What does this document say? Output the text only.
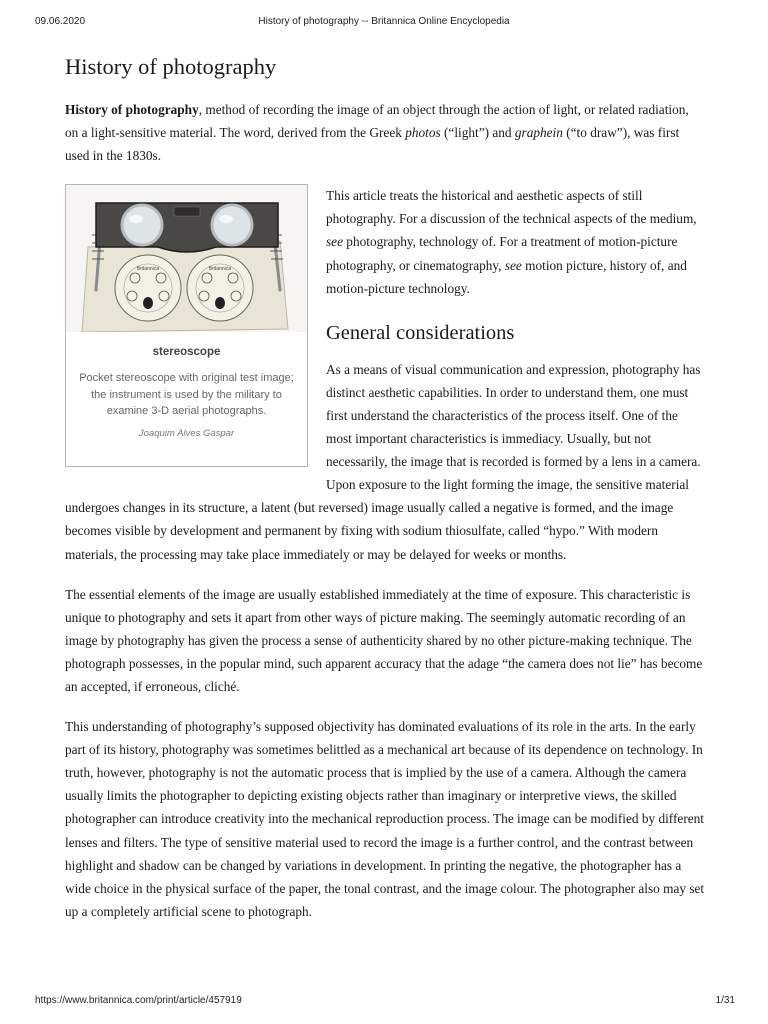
09.06.2020	History of photography -- Britannica Online Encyclopedia
History of photography

History of photography, method of recording the image of an object through the action of light, or related radiation, on a light-sensitive material. The word, derived from the Greek photos (“light”) and graphein (“to draw”), was first used in the 1830s.

Britannica	Britannica
stereoscope
Pocket stereoscope with original test image; the instrument is used by the military to examine 3-D aerial photographs.
Joaquim Alves Gaspar

This article treats the historical and aesthetic aspects of still photography. For a discussion of the technical aspects of the medium, see photography, technology of. For a treatment of motion-picture photography, or cinematography, see motion picture, history of, and motion-picture technology.

General considerations

As a means of visual communication and expression, photography has distinct aesthetic capabilities. In order to understand them, one must first understand the characteristics of the process itself. One of the most important characteristics is immediacy. Usually, but not necessarily, the image that is recorded is formed by a lens in a camera. Upon exposure to the light forming the image, the sensitive material undergoes changes in its structure, a latent (but reversed) image usually called a negative is formed, and the image becomes visible by development and permanent by fixing with sodium thiosulfate, called “hypo.” With modern materials, the processing may take place immediately or may be delayed for weeks or months.

The essential elements of the image are usually established immediately at the time of exposure. This characteristic is unique to photography and sets it apart from other ways of picture making. The seemingly automatic recording of an image by photography has given the process a sense of authenticity shared by no other picture-making technique. The photograph possesses, in the popular mind, such apparent accuracy that the adage “the camera does not lie” has become an accepted, if erroneous, cliché.

This understanding of photography’s supposed objectivity has dominated evaluations of its role in the arts. In the early part of its history, photography was sometimes belittled as a mechanical art because of its dependence on technology. In truth, however, photography is not the automatic process that is implied by the use of a camera. Although the camera usually limits the photographer to depicting existing objects rather than imaginary or interpretive views, the skilled photographer can introduce creativity into the mechanical reproduction process. The image can be modified by different lenses and filters. The type of sensitive material used to record the image is a further control, and the contrast between highlight and shadow can be changed by variations in development. In printing the negative, the photographer has a wide choice in the physical surface of the paper, the tonal contrast, and the image colour. The photographer also may set up a completely artificial scene to photograph.

https://www.britannica.com/print/article/457919	1/31
